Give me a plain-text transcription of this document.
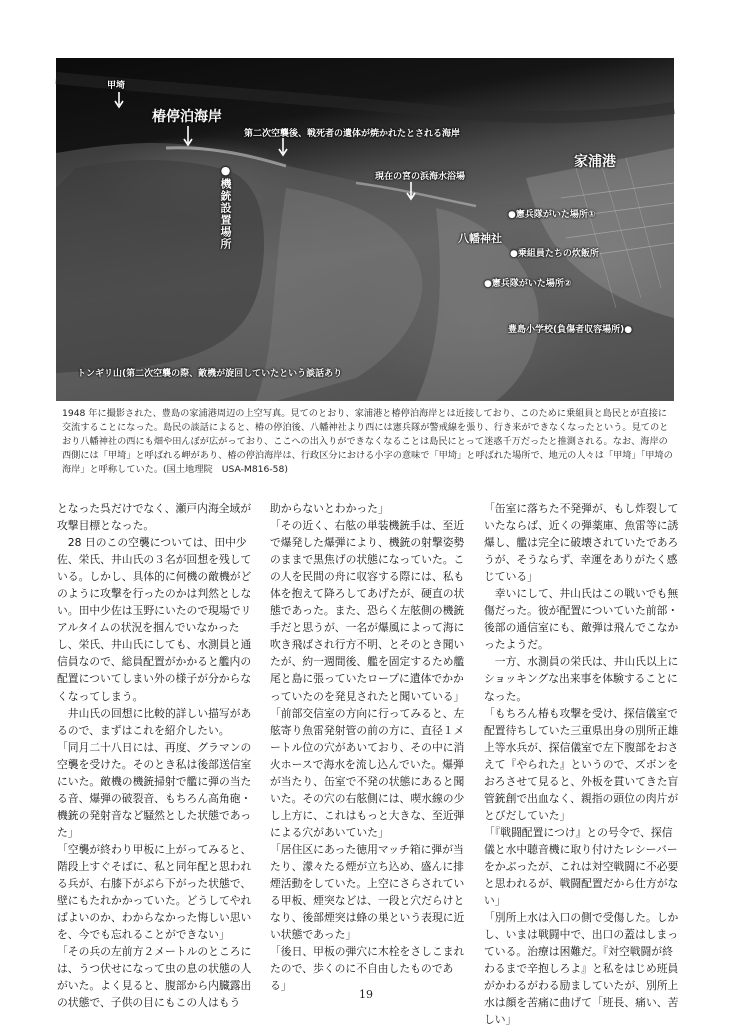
甲埼
椿停泊海岸
第二次空襲後、戦死者の遺体が焼かれたとされる海岸
●機銃設置場所	現在の宮の浜海水浴場
家浦港
●憲兵隊がいた場所①
八幡神社
●乗組員たちの炊飯所
●憲兵隊がいた場所②
豊島小学校(負傷者収容場所)●
トンギリ山(第二次空襲の際、敵機が旋回していたという談話あり
1948 年に撮影された、豊島の家浦港周辺の上空写真。見てのとおり、家浦港と椿停泊海岸とは近接しており、このために乗組員と島民とが直接に交流することになった。島民の談話によると、椿の停泊後、八幡神社より西には憲兵隊が警戒線を張り、行き来ができなくなったという。見てのとおり八幡神社の西にも畑や田んぼが広がっており、ここへの出入りができなくなることは島民にとって迷惑千万だったと推測される。なお、海岸の西側には「甲埼」と呼ばれる岬があり、椿の停泊海岸は、行政区分における小字の意味で「甲埼」と呼ばれた場所で、地元の人々は「甲埼」「甲埼の海岸」と呼称していた。(国土地理院　USA-M816-58)

となった呉だけでなく、瀬戸内海全域が攻撃目標となった。

　28 日のこの空襲については、田中少佐、栄氏、井山氏の３名が回想を残している。しかし、具体的に何機の敵機がどのように攻撃を行ったのかは判然としない。田中少佐は玉野にいたので現場でリアルタイムの状況を掴んでいなかったし、栄氏、井山氏にしても、水測員と通信員なので、総員配置がかかると艦内の配置についてしまい外の様子が分からなくなってしまう。

　井山氏の回想に比較的詳しい描写があるので、まずはこれを紹介したい。

「同月二十八日には、再度、グラマンの空襲を受けた。そのとき私は後部送信室にいた。敵機の機銃掃射で艦に弾の当たる音、爆弾の破裂音、もちろん高角砲・機銃の発射音など騒然とした状態であった」

「空襲が終わり甲板に上がってみると、階段上すぐそばに、私と同年配と思われる兵が、右膝下がぶら下がった状態で、壁にもたれかかっていた。どうしてやればよいのか、わからなかった悔しい思いを、今でも忘れることができない」

「その兵の左前方２メートルのところには、うつ伏せになって虫の息の状態の人がいた。よく見ると、腹部から内臓露出の状態で、子供の目にもこの人はもう

助からないとわかった」

「その近く、右舷の単装機銃手は、至近で爆発した爆弾により、機銃の射撃姿勢のままで黒焦げの状態になっていた。この人を民間の舟に収容する際には、私も体を抱えて降ろしてあげたが、硬直の状態であった。また、恐らく左舷側の機銃手だと思うが、一名が爆風によって海に吹き飛ばされ行方不明、とそのとき聞いたが、約一週間後、艦を固定するため艦尾と島に張っていたロープに遺体でかかっていたのを発見されたと聞いている」

「前部交信室の方向に行ってみると、左舷寄り魚雷発射管の前の方に、直径１メートル位の穴があいており、その中に消火ホースで海水を流し込んでいた。爆弾が当たり、缶室で不発の状態にあると聞いた。その穴の右舷側には、喫水線の少し上方に、これはもっと大きな、至近弾による穴があいていた」

「居住区にあった徳用マッチ箱に弾が当たり、濛々たる煙が立ち込め、盛んに排煙活動をしていた。上空にさらされている甲板、煙突などは、一段と穴だらけとなり、後部煙突は蜂の巣という表現に近い状態であった」

「後日、甲板の弾穴に木栓をさしこまれたので、歩くのに不自由したものである」

「缶室に落ちた不発弾が、もし炸裂していたならば、近くの弾薬庫、魚雷等に誘爆し、艦は完全に破壊されていたであろうが、そうならず、幸運をありがたく感じている」

　幸いにして、井山氏はこの戦いでも無傷だった。彼が配置についていた前部・後部の通信室にも、敵弾は飛んでこなかったようだ。

　一方、水測員の栄氏は、井山氏以上にショッキングな出来事を体験することになった。

「もちろん椿も攻撃を受け、探信儀室で配置待ちしていた三重県出身の別所正雄上等水兵が、探信儀室で左下腹部をおさえて『やられた』というので、ズボンをおろさせて見ると、外板を貫いてきた盲管銃創で出血なく、親指の頭位の肉片がとびだしていた」

「『戦闘配置につけ』との号令で、探信儀と水中聴音機に取り付けたレシーバーをかぶったが、これは対空戦闘に不必要と思われるが、戦闘配置だから仕方がない」

「別所上水は入口の側で受傷した。しかし、いまは戦闘中で、出口の蓋はしまっている。治療は困難だ。『対空戦闘が終わるまで辛抱しろよ』と私をはじめ班員がかわるがわる励ましていたが、別所上水は顔を苦痛に曲げて「班長、痛い、苦しい」

19
